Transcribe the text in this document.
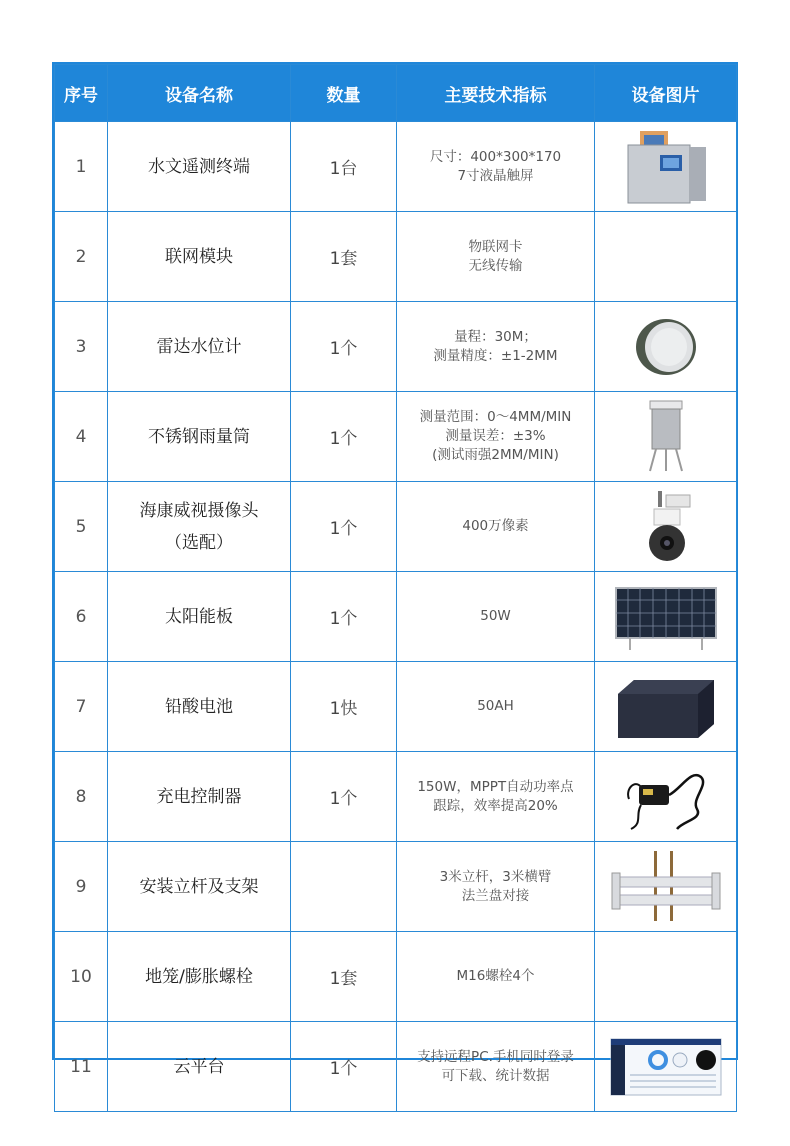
序号	设备名称	数量	主要技术指标	设备图片
1	水文遥测终端	1台	尺寸：400*300*170
7寸液晶触屏

2	联网模块	1套	物联网卡
无线传输	

3	雷达水位计	1个	量程：30M；
测量精度：±1-2MM

4	不锈钢雨量筒	1个	测量范围：0～4MM/MIN
测量误差：±3%
(测试雨强2MM/MIN)

5	海康威视摄像头
（选配）	1个	400万像素

6	太阳能板	1个	50W

7	铅酸电池	1快	50AH

8	充电控制器	1个	150W，MPPT自动功率点
跟踪，效率提高20%

9	安装立杆及支架		3米立杆，3米横臂
法兰盘对接

10	地笼/膨胀螺栓	1套	M16螺栓4个	

11	云平台	1个	支持远程PC.手机同时登录
可下载、统计数据
